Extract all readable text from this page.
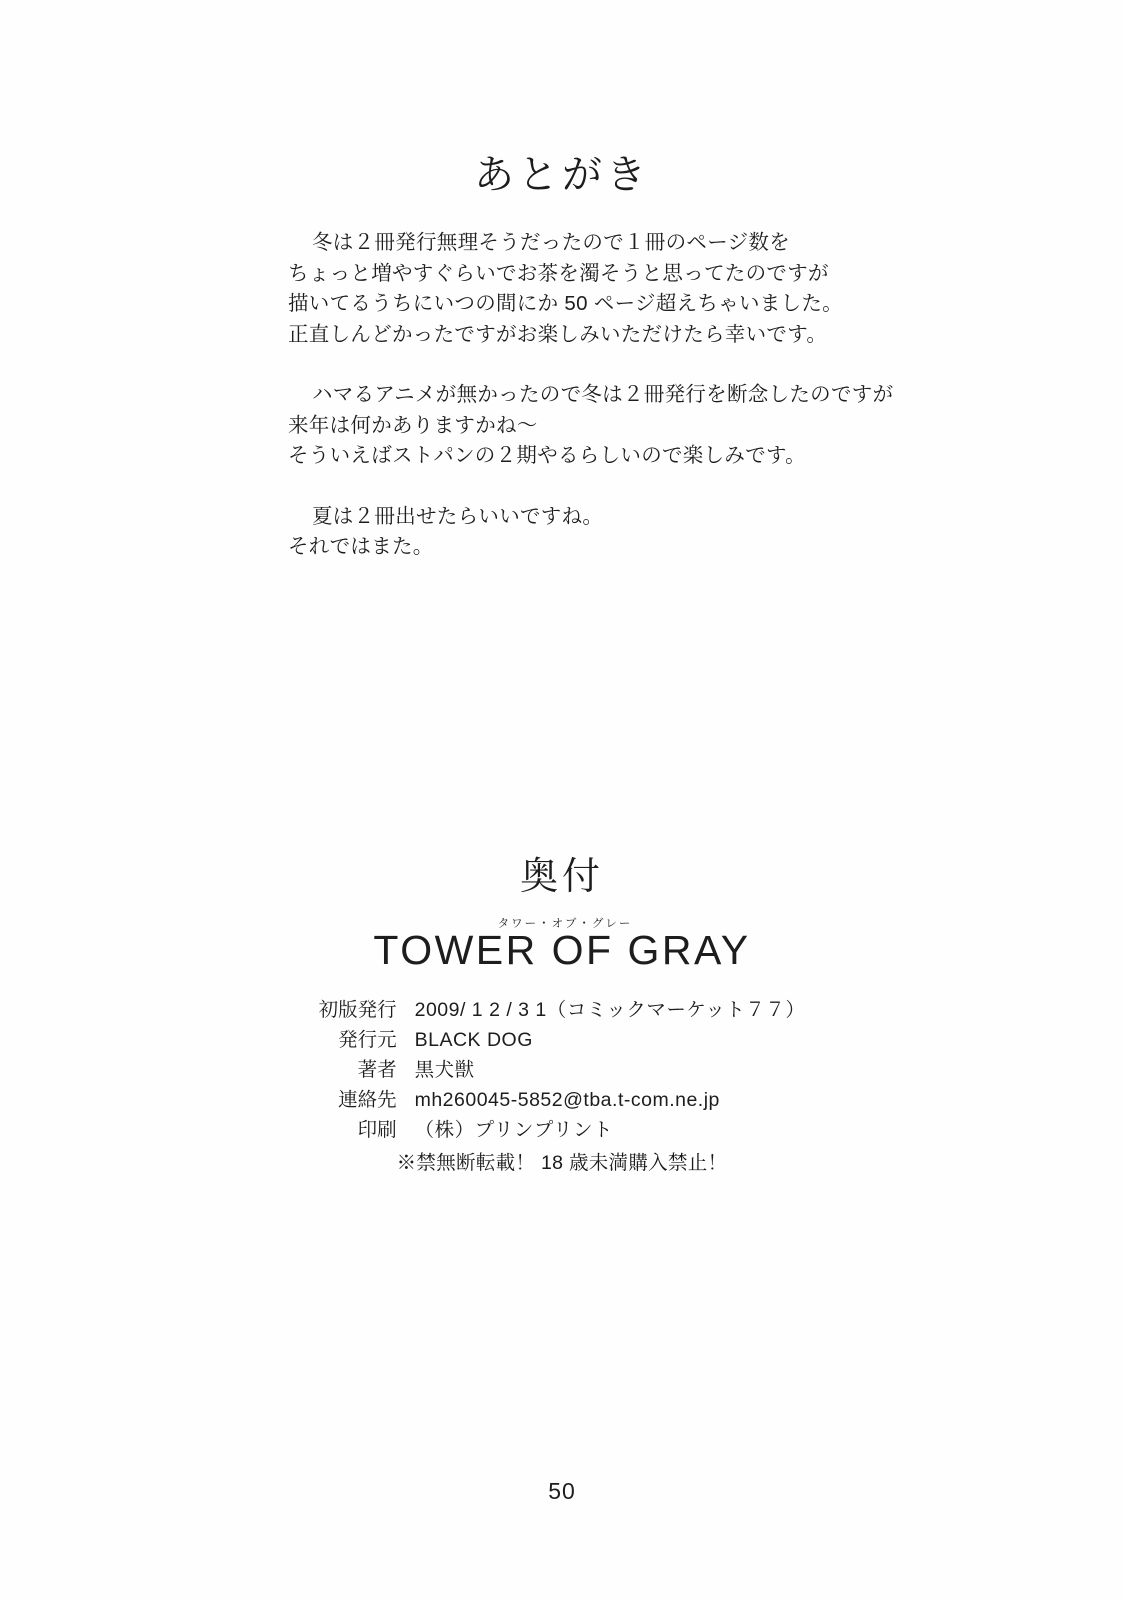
あとがき

冬は２冊発行無理そうだったので１冊のページ数を

ちょっと増やすぐらいでお茶を濁そうと思ってたのですが

描いてるうちにいつの間にか 50 ページ超えちゃいました。

正直しんどかったですがお楽しみいただけたら幸いです。

ハマるアニメが無かったので冬は２冊発行を断念したのですが

来年は何かありますかね〜

そういえばストパンの２期やるらしいので楽しみです。

夏は２冊出せたらいいですね。

それではまた。

奥付
タワー・オブ・グレー
TOWER OF GRAY
初版発行	2009/ 1 2 / 3 1（コミックマーケット７７）
発行元	BLACK DOG
著者	黒犬獣
連絡先	mh260045-5852@tba.t-com.ne.jp
印刷	（株）プリンプリント
※禁無断転載！ 18 歳未満購入禁止！
50
